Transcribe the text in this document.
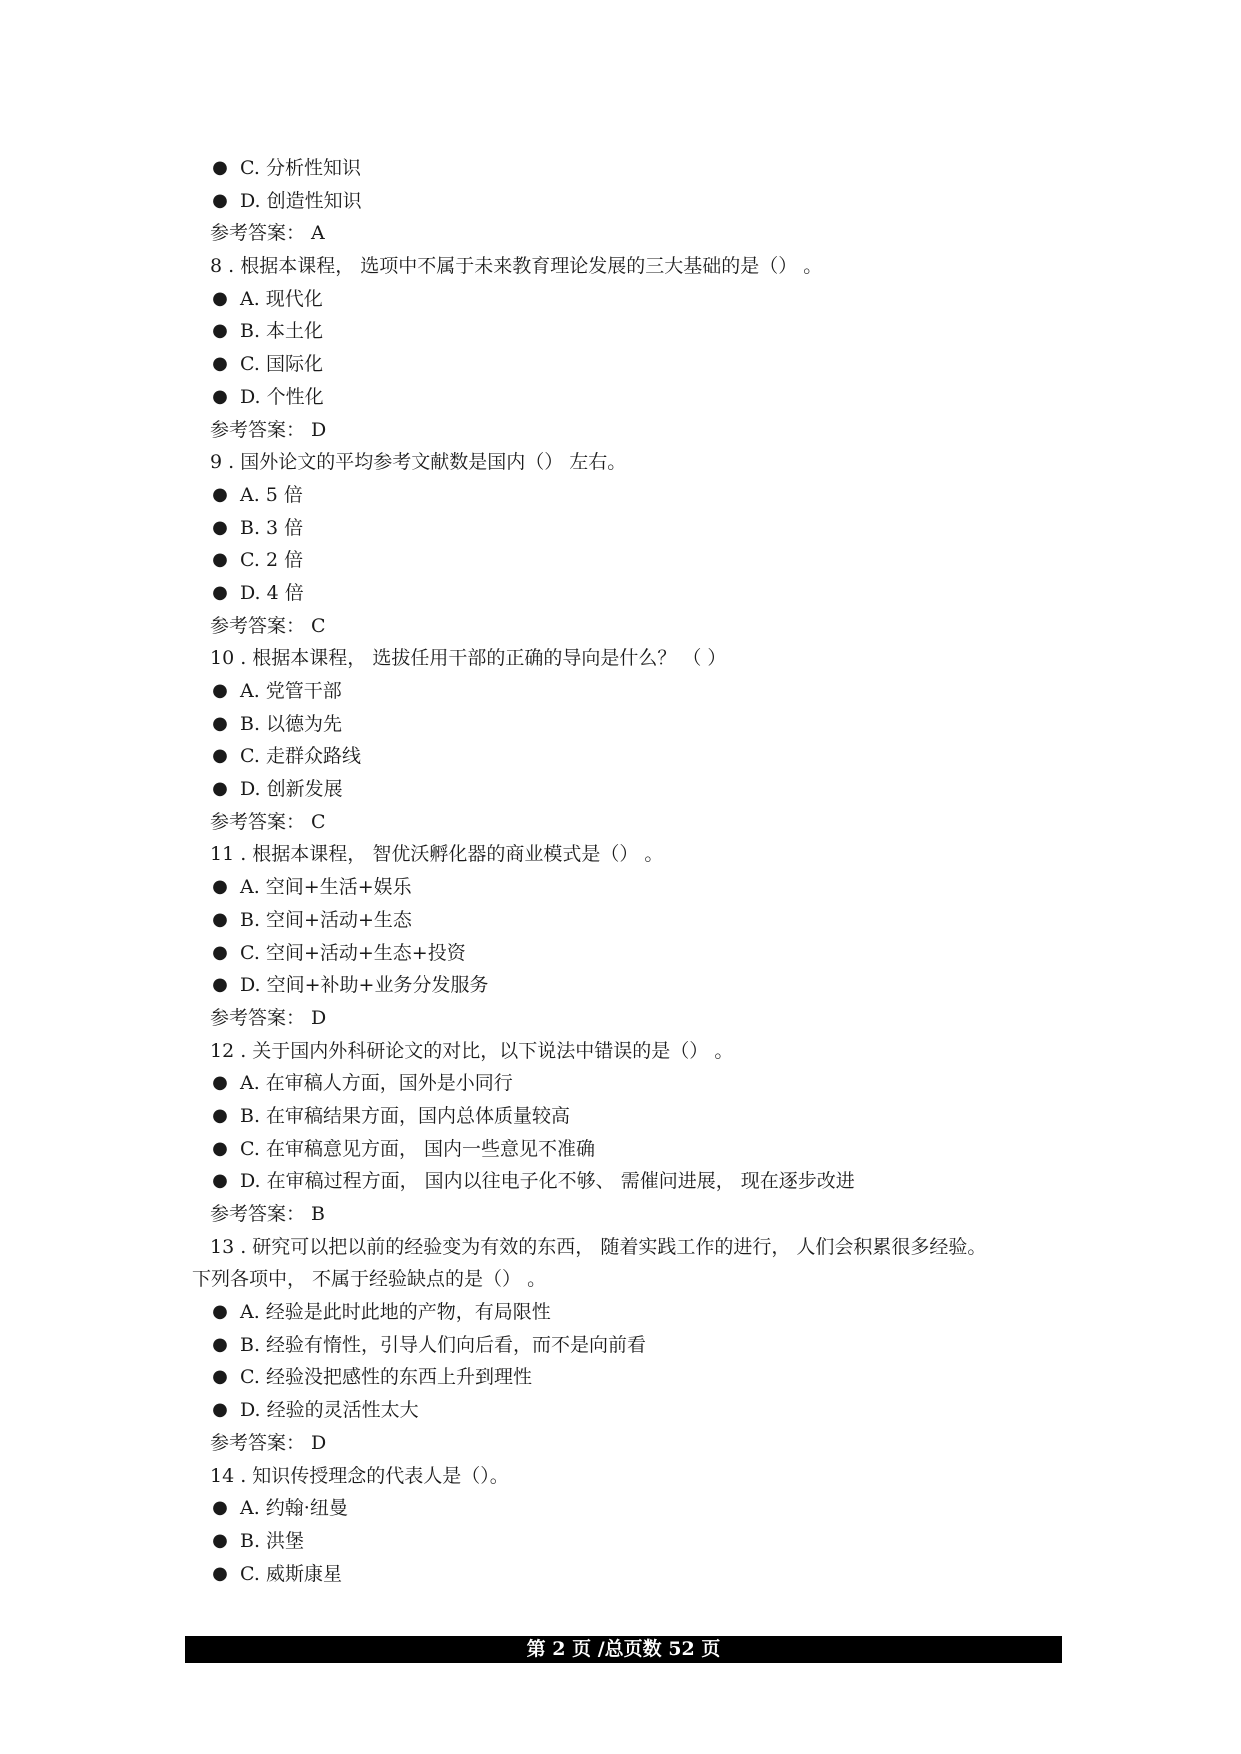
● C. 分析性知识
● D. 创造性知识
参考答案： A
8 . 根据本课程， 选项中不属于未来教育理论发展的三大基础的是（） 。
● A. 现代化
● B. 本土化
● C. 国际化
● D. 个性化
参考答案： D
9 . 国外论文的平均参考文献数是国内（） 左右。
● A. 5 倍
● B. 3 倍
● C. 2 倍
● D. 4 倍
参考答案： C
10 . 根据本课程， 选拔任用干部的正确的导向是什么？ （ ）
● A. 党管干部
● B. 以德为先
● C. 走群众路线
● D. 创新发展
参考答案： C
11 . 根据本课程， 智优沃孵化器的商业模式是（） 。
● A. 空间+生活+娱乐
● B. 空间+活动+生态
● C. 空间+活动+生态+投资
● D. 空间+补助+业务分发服务
参考答案： D
12 . 关于国内外科研论文的对比，以下说法中错误的是（） 。
● A. 在审稿人方面，国外是小同行
● B. 在审稿结果方面，国内总体质量较高
● C. 在审稿意见方面， 国内一些意见不准确
● D. 在审稿过程方面， 国内以往电子化不够、 需催问进展， 现在逐步改进
参考答案： B
13 . 研究可以把以前的经验变为有效的东西， 随着实践工作的进行， 人们会积累很多经验。
下列各项中， 不属于经验缺点的是（） 。
● A. 经验是此时此地的产物，有局限性
● B. 经验有惰性，引导人们向后看，而不是向前看
● C. 经验没把感性的东西上升到理性
● D. 经验的灵活性太大
参考答案： D
14 . 知识传授理念的代表人是（）。
● A. 约翰·纽曼
● B. 洪堡
● C. 威斯康星
第 2 页 /总页数 52 页
